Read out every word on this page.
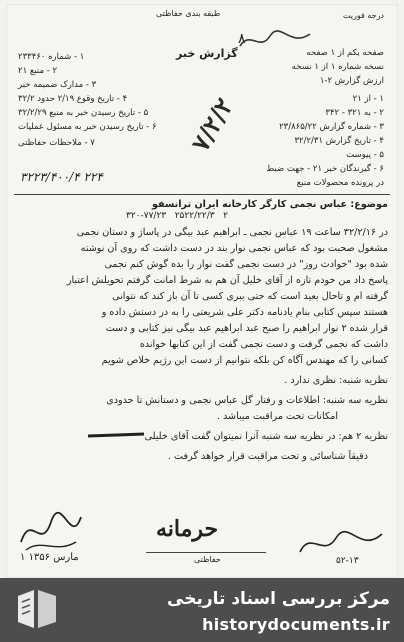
درجه فوریت
طبقه بندی حفاظتی
گزارش خبر
۸
صفحه یکم از ۱ صفحه
نسخه شماره ۱ از ۱ نسخه
ارزش گزارش ۲-۱
۱ - از ۲۱
۲ - به ۳۲۱ - ۳۴۲
۳ - شماره گزارش ۲۳/۸۶۵/۲۲
۴ - تاریخ گزارش ۳۲/۲/۳۱
۵ - پیوست
۶ - گیرندگان خبر ۲۱ - جهت ضبط
در پرونده محصولات منبع
۱ - شماره ۲۳۳۴۶۰
۲ - منبع ۲۱
۳ - مدارک ضمیمه خبر
۴ - تاریخ وقوع ۲/۱۹ حدود ۳۲/۲
۵ - تاریخ رسیدن خبر به منبع ۳۲/۲/۲۹
۶ - تاریخ رسیدن خبر به مسئول عملیات
۷ - ملاحظات حفاظتی	۷/۲/۲
۳۲۲۳/۴۰۰/۴ ۲۲۴
موضوع: عباس نجمی کارگر کارخانه ایران ترانسفو
۳۲۰-۷۷/۲۳   ۲۵۲۲/۲۲/۳   ۲
در ۳۲/۲/۱۶ ساعت ۱۹ عباس نجمی ـ ابراهیم عبد بیگی در پاساژ و دستان نجمی
مشغول صحبت بود که عباس نجمی نوار بند در دست داشت که روی آن نوشته
شده بود "حوادث روز" در دست نجمی گفت نوار را بده گوش کنم نجمی
پاسخ داد من خودم تازه از آقای خلیل آن هم به شرط امانت گرفتم تحویلش اعتبار
گرفته ام و تاحال بعید است که حتی ببری کسی تا آن باز کند که نتوانی
هستند سپس کتابی بنام یادنامه دکتر علی شریعتی را به در دستش داده و
قرار شده ۲ نوار ابراهیم را صبح عبد ابراهیم عبد بیگی نیز کتابی و دست
داشت که نجمی گرفت و دست نجمی گفت از این کتابها خوانده
کسانی را که مهندس آگاه کن بلکه نتوانیم از دست این رژیم خلاص شویم
نظریه شنبه: نظری ندارد .
نظریه سه شنبه: اطلاعات و رفتار گل عباس نجمی و دستانش تا حدودی
امکانات تحت مراقبت میباشد .
نظریه ۲ هم: در نظریه سه شنبه آنرا نمیتوان گفت آقای خلیلی
دقیقاً شناسائی و تحت مراقبت قرار خواهد گرفت .
۱ مارس ۱۳۵۶
حرمانه
حفاظتی	۵۲-۱۳
مرکز بررسی اسناد تاریخی
historydocuments.ir
